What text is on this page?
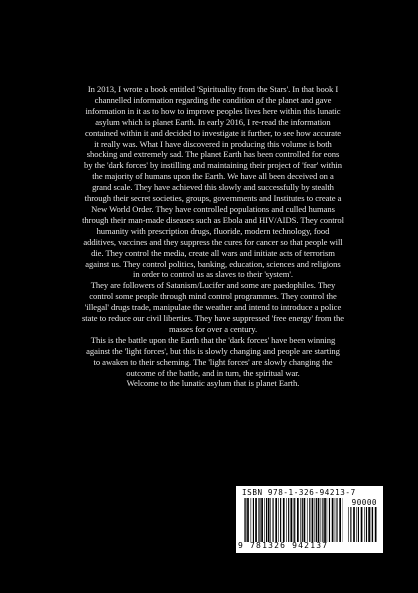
In 2013, I wrote a book entitled 'Spirituality from the Stars'. In that book I channelled information regarding the condition of the planet and gave information in it as to how to improve peoples lives here within this lunatic asylum which is planet Earth. In early 2016, I re-read the information contained within it and decided to investigate it further, to see how accurate it really was. What I have discovered in producing this volume is both shocking and extremely sad. The planet Earth has been controlled for eons by the 'dark forces' by instilling and maintaining their project of 'fear' within the majority of humans upon the Earth. We have all been deceived on a grand scale. They have achieved this slowly and successfully by stealth through their secret societies, groups, governments and Institutes to create a New World Order. They have controlled populations and culled humans through their man-made diseases such as Ebola and HIV/AIDS. They control humanity with prescription drugs, fluoride, modern technology, food additives, vaccines and they suppress the cures for cancer so that people will die. They control the media, create all wars and initiate acts of terrorism against us. They control politics, banking, education, sciences and religions in order to control us as slaves to their 'system'.

They are followers of Satanism/Lucifer and some are paedophiles. They control some people through mind control programmes. They control the 'illegal' drugs trade, manipulate the weather and intend to introduce a police state to reduce our civil liberties. They have suppressed 'free energy' from the masses for over a century.

This is the battle upon the Earth that the 'dark forces' have been winning against the 'light forces', but this is slowly changing and people are starting to awaken to their scheming. The 'light forces' are slowly changing the outcome of the battle, and in turn, the spiritual war.

Welcome to the lunatic asylum that is planet Earth.

ISBN 978-1-326-94213-7
90000
9 781326 942137
